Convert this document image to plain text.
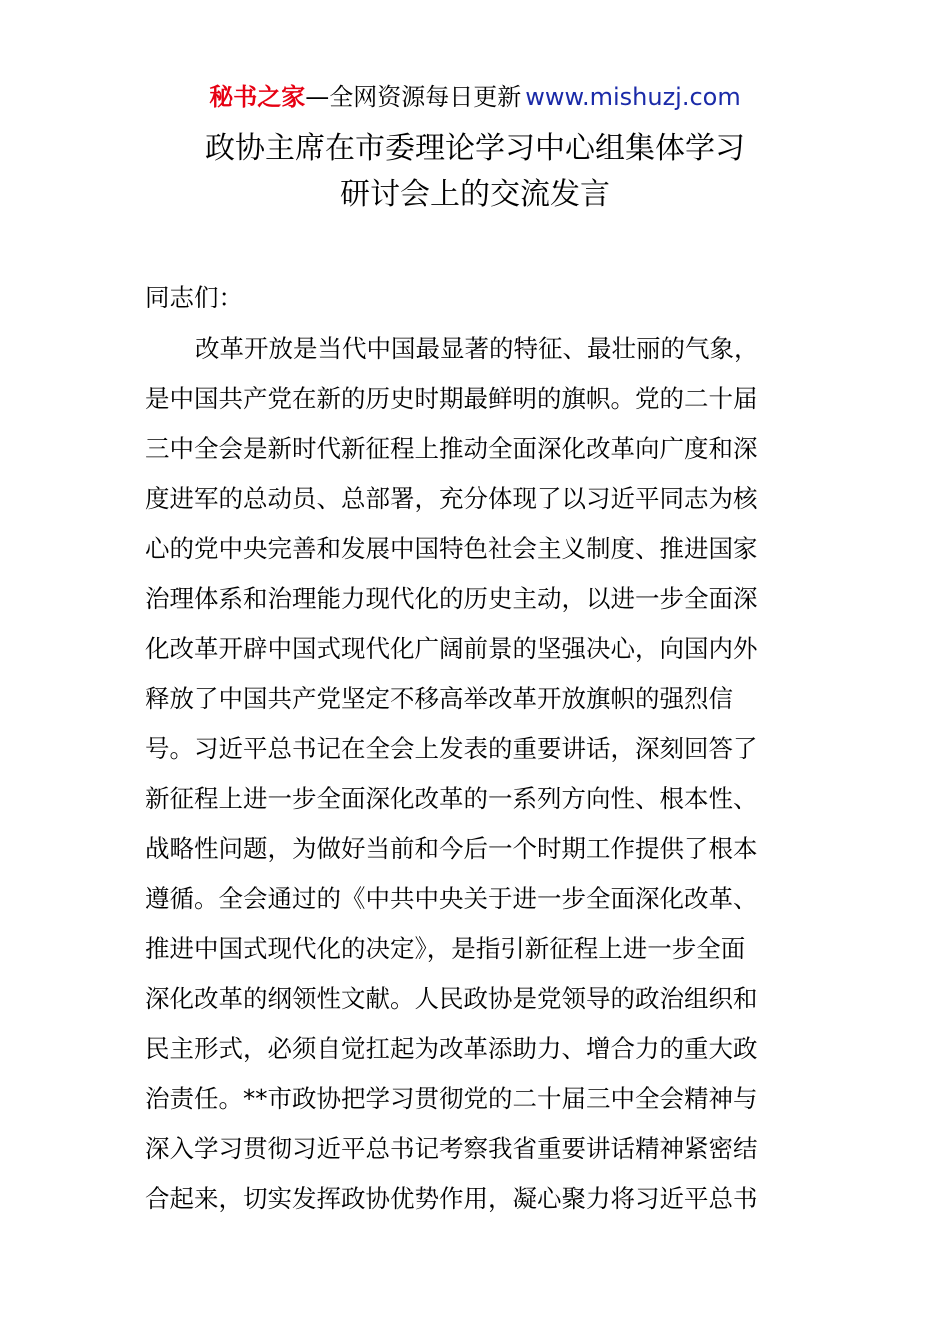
秘书之家—全网资源每日更新 www.mishuzj.com
政协主席在市委理论学习中心组集体学习
研讨会上的交流发言

同志们：

改革开放是当代中国最显著的特征、最壮丽的气象，
是中国共产党在新的历史时期最鲜明的旗帜。党的二十届
三中全会是新时代新征程上推动全面深化改革向广度和深
度进军的总动员、总部署，充分体现了以习近平同志为核
心的党中央完善和发展中国特色社会主义制度、推进国家
治理体系和治理能力现代化的历史主动，以进一步全面深
化改革开辟中国式现代化广阔前景的坚强决心，向国内外
释放了中国共产党坚定不移高举改革开放旗帜的强烈信
号。习近平总书记在全会上发表的重要讲话，深刻回答了
新征程上进一步全面深化改革的一系列方向性、根本性、
战略性问题，为做好当前和今后一个时期工作提供了根本
遵循。全会通过的《中共中央关于进一步全面深化改革、
推进中国式现代化的决定》，是指引新征程上进一步全面
深化改革的纲领性文献。人民政协是党领导的政治组织和
民主形式，必须自觉扛起为改革添助力、增合力的重大政
治责任。**市政协把学习贯彻党的二十届三中全会精神与
深入学习贯彻习近平总书记考察我省重要讲话精神紧密结
合起来，切实发挥政协优势作用，凝心聚力将习近平总书
